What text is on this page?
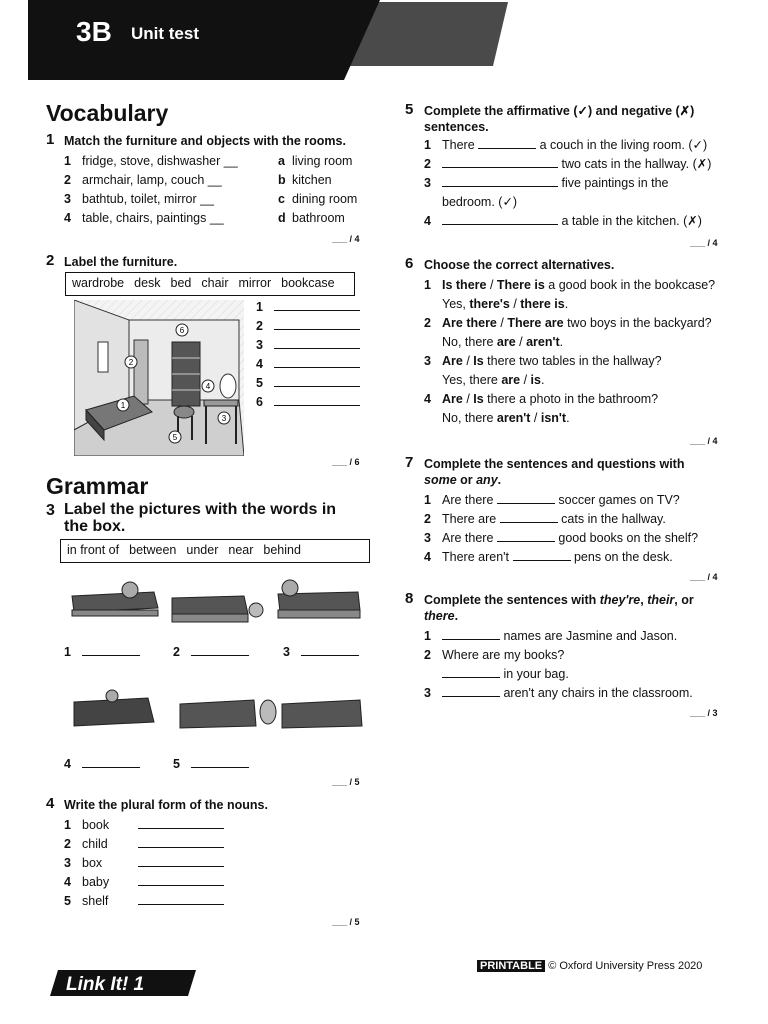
3B Unit test
Vocabulary
1 Match the furniture and objects with the rooms.
1 fridge, stove, dishwasher __
2 armchair, lamp, couch __
3 bathtub, toilet, mirror __
4 table, chairs, paintings __
a living room
b kitchen
c dining room
d bathroom
___ / 4
2 Label the furniture.
wardrobe desk bed chair mirror bookcase
6
2
4
3
1
5
1
2
3
4
5
6
___ / 6
Grammar
3 Label the pictures with the words in the box.
in front of between under near behind
1	2	3
4	5
___ / 5
4 Write the plural form of the nouns.
1 book
2 child
3 box
4 baby
5 shelf
___ / 5
5 Complete the affirmative (✓) and negative (✗)
sentences.
1 There	a couch in the living room. (✓)
2	two cats in the hallway. (✗)
3	five paintings in the
bedroom. (✓)
4	a table in the kitchen. (✗)
___ / 4
6 Choose the correct alternatives.
1 Is there / There is a good book in the bookcase?
Yes, there's / there is.
2 Are there / There are two boys in the backyard?
No, there are / aren't.
3 Are / Is there two tables in the hallway?
Yes, there are / is.
4 Are / Is there a photo in the bathroom?
No, there aren't / isn't.
___ / 4
7 Complete the sentences and questions with
some or any.
1 Are there	soccer games on TV?
2 There are	cats in the hallway.
3 Are there	good books on the shelf?
4 There aren't	pens on the desk.
___ / 4
8 Complete the sentences with they're, their, or
there.
1	names are Jasmine and Jason.
2 Where are my books?
in your bag.
3	aren't any chairs in the classroom.
___ / 3
Link It! 1
PRINTABLE © Oxford University Press 2020
